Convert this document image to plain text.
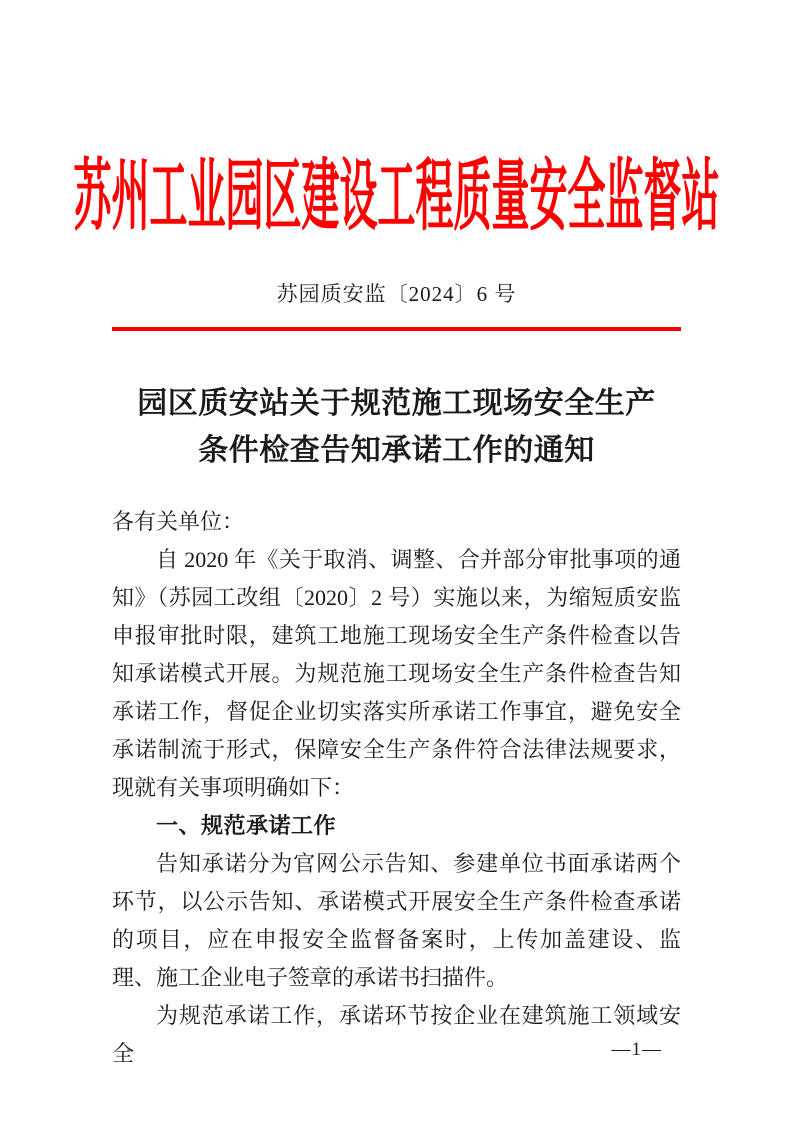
苏州工业园区建设工程质量安全监督站
苏园质安监〔2024〕6 号
园区质安站关于规范施工现场安全生产
条件检查告知承诺工作的通知

各有关单位：

自 2020 年《关于取消、调整、合并部分审批事项的通知》（苏园工改组〔2020〕2 号）实施以来，为缩短质安监申报审批时限，建筑工地施工现场安全生产条件检查以告知承诺模式开展。为规范施工现场安全生产条件检查告知承诺工作，督促企业切实落实所承诺工作事宜，避免安全承诺制流于形式，保障安全生产条件符合法律法规要求，现就有关事项明确如下：

一、规范承诺工作

告知承诺分为官网公示告知、参建单位书面承诺两个环节，以公示告知、承诺模式开展安全生产条件检查承诺的项目，应在申报安全监督备案时，上传加盖建设、监理、施工企业电子签章的承诺书扫描件。

为规范承诺工作，承诺环节按企业在建筑施工领域安全	—1—
